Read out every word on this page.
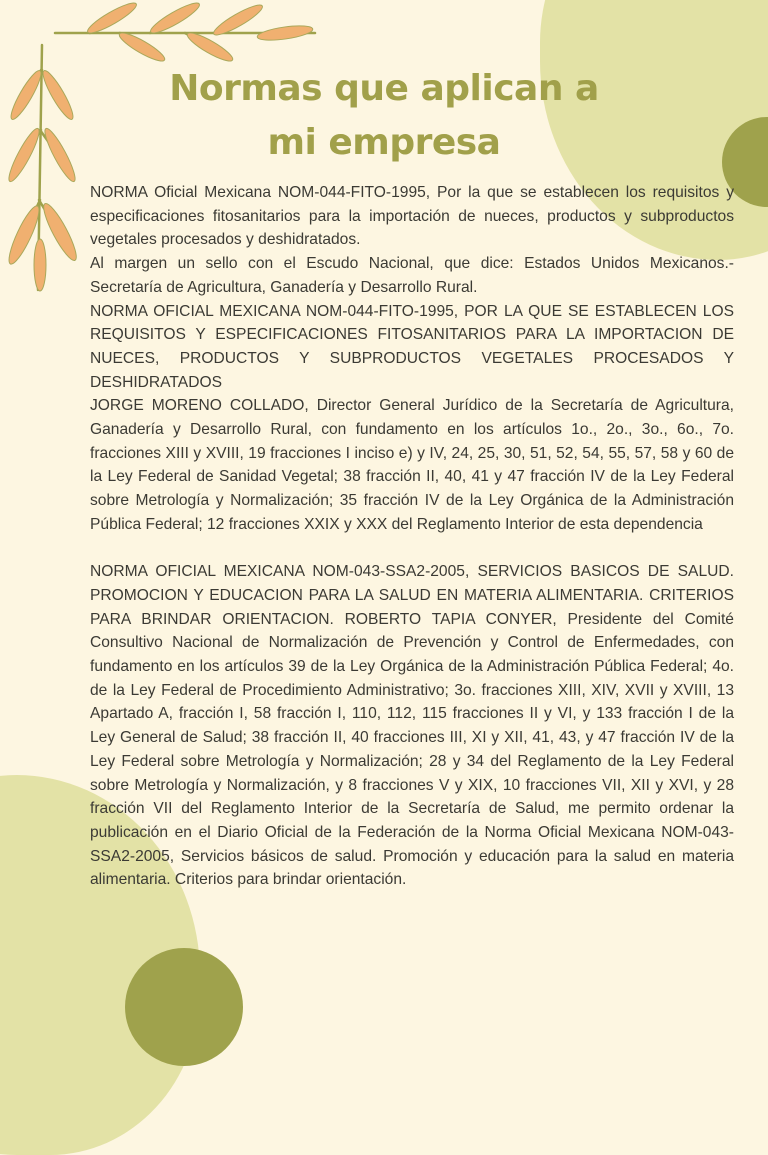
Normas que aplican a
mi empresa

NORMA Oficial Mexicana NOM-044-FITO-1995, Por la que se establecen los requisitos y especificaciones fitosanitarios para la importación de nueces, productos y subproductos vegetales procesados y deshidratados.

Al margen un sello con el Escudo Nacional, que dice: Estados Unidos Mexicanos.- Secretaría de Agricultura, Ganadería y Desarrollo Rural.

NORMA OFICIAL MEXICANA NOM-044-FITO-1995, POR LA QUE SE ESTABLECEN LOS REQUISITOS Y ESPECIFICACIONES FITOSANITARIOS PARA LA IMPORTACION DE NUECES, PRODUCTOS Y SUBPRODUCTOS VEGETALES PROCESADOS Y DESHIDRATADOS

JORGE MORENO COLLADO, Director General Jurídico de la Secretaría de Agricultura, Ganadería y Desarrollo Rural, con fundamento en los artículos 1o., 2o., 3o., 6o., 7o. fracciones XIII y XVIII, 19 fracciones I inciso e) y IV, 24, 25, 30, 51, 52, 54, 55, 57, 58 y 60 de la Ley Federal de Sanidad Vegetal; 38 fracción II, 40, 41 y 47 fracción IV de la Ley Federal sobre Metrología y Normalización; 35 fracción IV de la Ley Orgánica de la Administración Pública Federal; 12 fracciones XXIX y XXX del Reglamento Interior de esta dependencia

NORMA OFICIAL MEXICANA NOM-043-SSA2-2005, SERVICIOS BASICOS DE SALUD. PROMOCION Y EDUCACION PARA LA SALUD EN MATERIA ALIMENTARIA. CRITERIOS PARA BRINDAR ORIENTACION. ROBERTO TAPIA CONYER, Presidente del Comité Consultivo Nacional de Normalización de Prevención y Control de Enfermedades, con fundamento en los artículos 39 de la Ley Orgánica de la Administración Pública Federal; 4o. de la Ley Federal de Procedimiento Administrativo; 3o. fracciones XIII, XIV, XVII y XVIII, 13 Apartado A, fracción I, 58 fracción I, 110, 112, 115 fracciones II y VI, y 133 fracción I de la Ley General de Salud; 38 fracción II, 40 fracciones III, XI y XII, 41, 43, y 47 fracción IV de la Ley Federal sobre Metrología y Normalización; 28 y 34 del Reglamento de la Ley Federal sobre Metrología y Normalización, y 8 fracciones V y XIX, 10 fracciones VII, XII y XVI, y 28 fracción VII del Reglamento Interior de la Secretaría de Salud, me permito ordenar la publicación en el Diario Oficial de la Federación de la Norma Oficial Mexicana NOM-043-SSA2-2005, Servicios básicos de salud. Promoción y educación para la salud en materia alimentaria. Criterios para brindar orientación.
